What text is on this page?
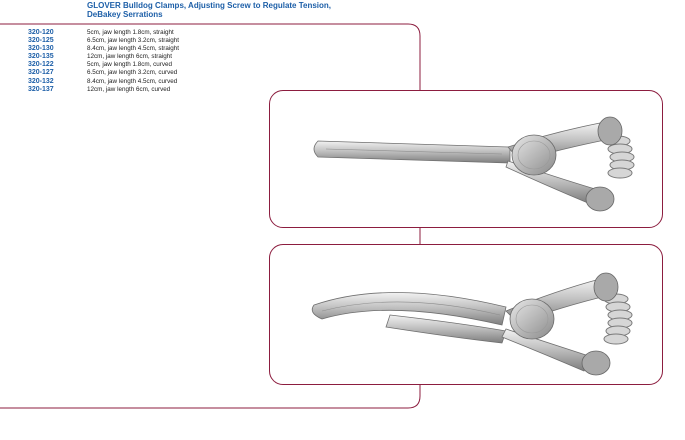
GLOVER Bulldog Clamps, Adjusting Screw to Regulate Tension,
DeBakey Serrations
320-120	5cm, jaw length 1.8cm, straight
320-125	6.5cm, jaw length 3.2cm, straight
320-130	8.4cm, jaw length 4.5cm, straight
320-135	12cm, jaw length 6cm, straight
320-122	5cm, jaw length 1.8cm, curved
320-127	6.5cm, jaw length 3.2cm, curved
320-132	8.4cm, jaw length 4.5cm, curved
320-137	12cm, jaw length 6cm, curved
